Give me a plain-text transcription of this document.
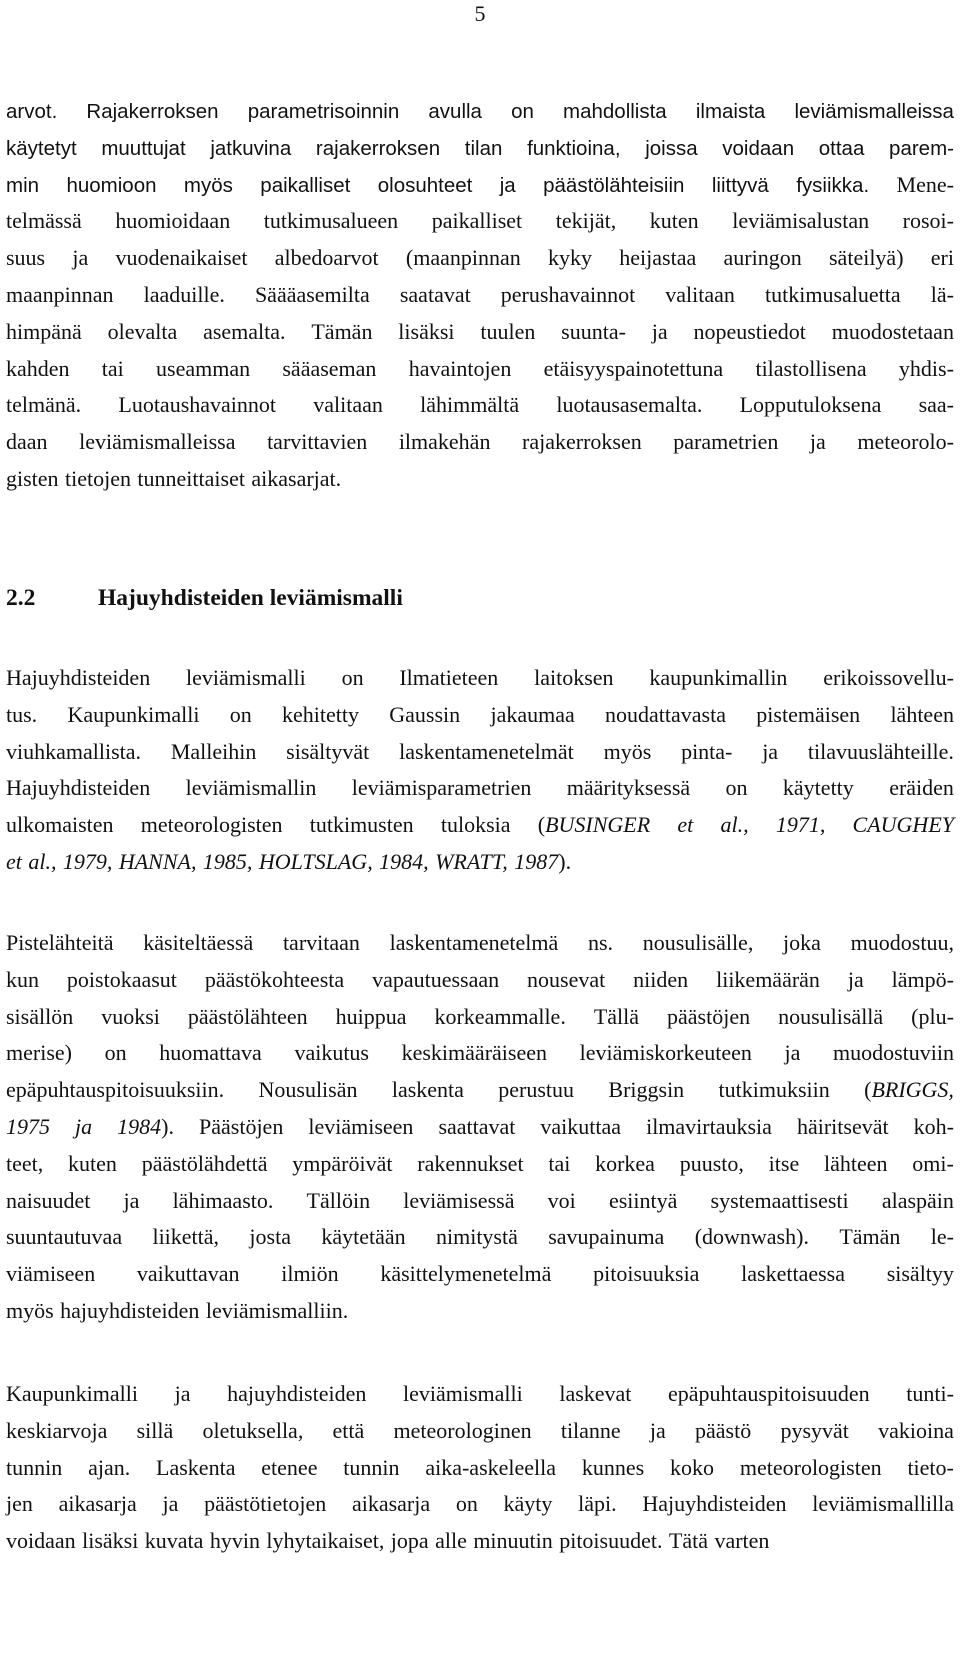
5
arvot. Rajakerroksen parametrisoinnin avulla on mahdollista ilmaista leviämismalleissa
käytetyt muuttujat jatkuvina rajakerroksen tilan funktioina, joissa voidaan ottaa parem-
min huomioon myös paikalliset olosuhteet ja päästölähteisiin liittyvä fysiikka. Mene-
telmässä huomioidaan tutkimusalueen paikalliset tekijät, kuten leviämisalustan rosoi-
suus ja vuodenaikaiset albedoarvot (maanpinnan kyky heijastaa auringon säteilyä) eri
maanpinnan laaduille. Säääasemilta saatavat perushavainnot valitaan tutkimusaluetta lä-
himpänä olevalta asemalta. Tämän lisäksi tuulen suunta- ja nopeustiedot muodostetaan
kahden tai useamman sääaseman havaintojen etäisyyspainotettuna tilastollisena yhdis-
telmänä. Luotaushavainnot valitaan lähimmältä luotausasemalta. Lopputuloksena saa-
daan leviämismalleissa tarvittavien ilmakehän rajakerroksen parametrien ja meteorolo-
gisten tietojen tunneittaiset aikasarjat.
Hajuyhdisteiden leviämismalli on Ilmatieteen laitoksen kaupunkimallin erikoissovellu-
tus. Kaupunkimalli on kehitetty Gaussin jakaumaa noudattavasta pistemäisen lähteen
viuhkamallista. Malleihin sisältyvät laskentamenetelmät myös pinta- ja tilavuuslähteille.
Hajuyhdisteiden leviämismallin leviämisparametrien määrityksessä on käytetty eräiden
ulkomaisten meteorologisten tutkimusten tuloksia (BUSINGER et al., 1971, CAUGHEY
et al., 1979, HANNA, 1985, HOLTSLAG, 1984, WRATT, 1987).
Pistelähteitä käsiteltäessä tarvitaan laskentamenetelmä ns. nousulisälle, joka muodostuu,
kun poistokaasut päästökohteesta vapautuessaan nousevat niiden liikemäärän ja lämpö-
sisällön vuoksi päästölähteen huippua korkeammalle. Tällä päästöjen nousulisällä (plu-
merise) on huomattava vaikutus keskimääräiseen leviämiskorkeuteen ja muodostuviin
epäpuhtauspitoisuuksiin. Nousulisän laskenta perustuu Briggsin tutkimuksiin (BRIGGS,
1975 ja 1984). Päästöjen leviämiseen saattavat vaikuttaa ilmavirtauksia häiritsevät koh-
teet, kuten päästölähdettä ympäröivät rakennukset tai korkea puusto, itse lähteen omi-
naisuudet ja lähimaasto. Tällöin leviämisessä voi esiintyä systemaattisesti alaspäin
suuntautuvaa liikettä, josta käytetään nimitystä savupainuma (downwash). Tämän le-
viämiseen vaikuttavan ilmiön käsittelymenetelmä pitoisuuksia laskettaessa sisältyy
myös hajuyhdisteiden leviämismalliin.
Kaupunkimalli ja hajuyhdisteiden leviämismalli laskevat epäpuhtauspitoisuuden tunti-
keskiarvoja sillä oletuksella, että meteorologinen tilanne ja päästö pysyvät vakioina
tunnin ajan. Laskenta etenee tunnin aika-askeleella kunnes koko meteorologisten tieto-
jen aikasarja ja päästötietojen aikasarja on käyty läpi. Hajuyhdisteiden leviämismallilla
voidaan lisäksi kuvata hyvin lyhytaikaiset, jopa alle minuutin pitoisuudet. Tätä varten
2.2	Hajuyhdisteiden leviämismalli
